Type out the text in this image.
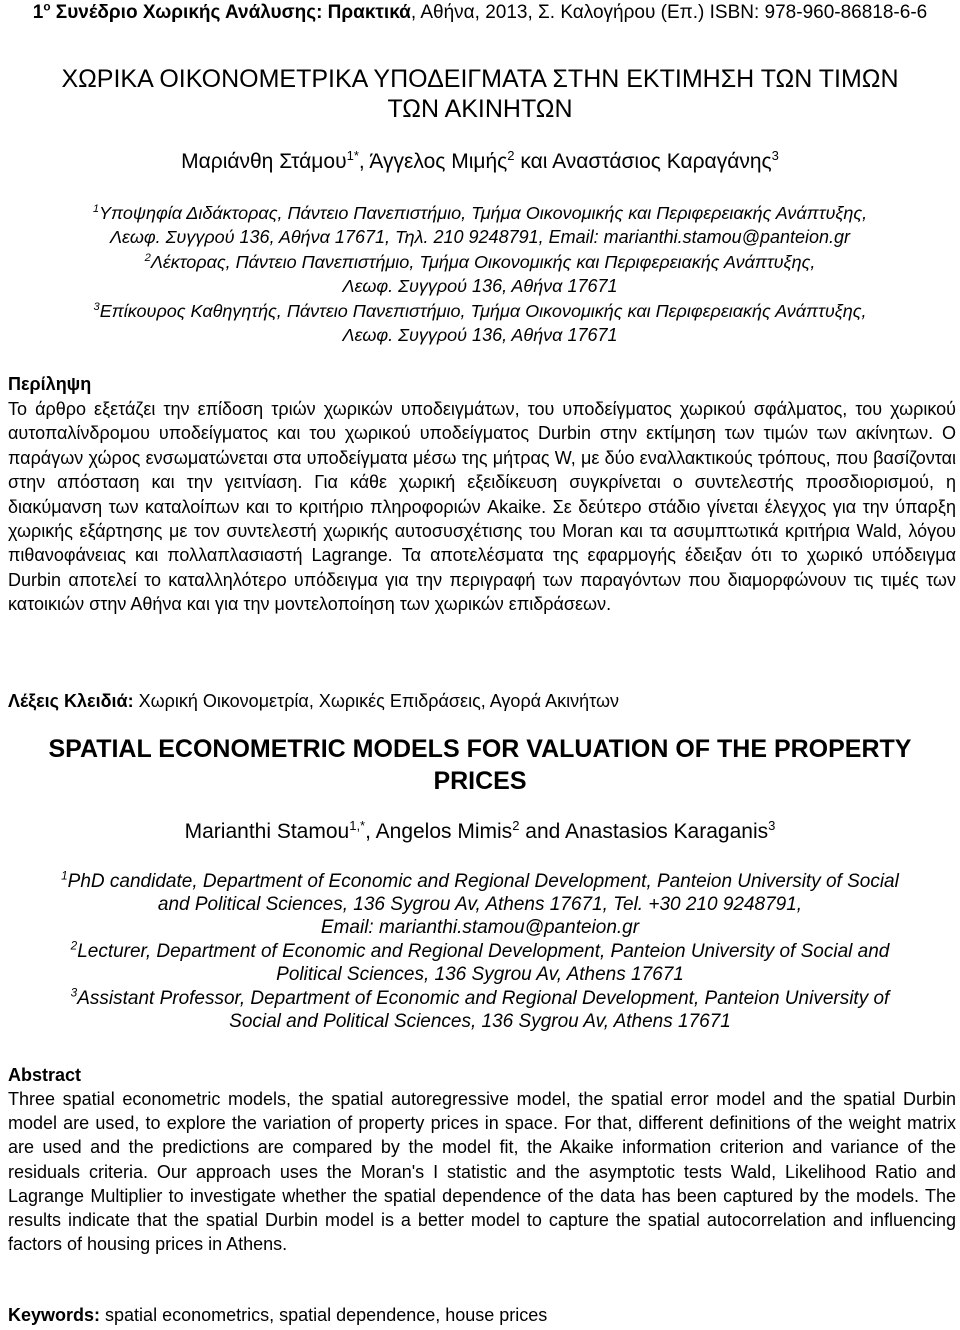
$1^o$ Συνέδριο Χωρικής Ανάλυσης: Πρακτικά, Αθήνα, 2013, Σ. Καλογήρου (Επ.) ISBN: 978-960-86818-6-6
ΧΩΡΙΚΑ ΟΙΚΟΝΟΜΕΤΡΙΚΑ ΥΠΟΔΕΙΓΜΑΤΑ ΣΤΗΝ ΕΚΤΙΜΗΣΗ ΤΩΝ ΤΙΜΩΝ
ΤΩΝ ΑΚΙΝΗΤΩΝ
Μαριάνθη Στάμου$^{1*}$, Άγγελος Μιμής$^2$ και Αναστάσιος Καραγάνης$^3$
$^1$Υποψηφία Διδάκτορας, Πάντειο Πανεπιστήμιο, Τμήμα Οικονομικής και Περιφερειακής Ανάπτυξης,
Λεωφ. Συγγρού 136, Αθήνα 17671, Τηλ. 210 9248791, Email: marianthi.stamou@panteion.gr
$^2$Λέκτορας, Πάντειο Πανεπιστήμιο, Τμήμα Οικονομικής και Περιφερειακής Ανάπτυξης,
Λεωφ. Συγγρού 136, Αθήνα 17671
$^3$Επίκουρος Καθηγητής, Πάντειο Πανεπιστήμιο, Τμήμα Οικονομικής και Περιφερειακής Ανάπτυξης,
Λεωφ. Συγγρού 136, Αθήνα 17671
Περίληψη
Το άρθρο εξετάζει την επίδοση τριών χωρικών υποδειγμάτων, του υποδείγματος χωρικού σφάλματος, του χωρικού αυτοπαλίνδρομου υποδείγματος και του χωρικού υποδείγματος Durbin στην εκτίμηση των τιμών των ακίνητων. Ο παράγων χώρος ενσωματώνεται στα υποδείγματα μέσω της μήτρας W, με δύο εναλλακτικούς τρόπους, που βασίζονται στην απόσταση και την γειτνίαση. Για κάθε χωρική εξειδίκευση συγκρίνεται ο συντελεστής προσδιορισμού, η διακύμανση των καταλοίπων και το κριτήριο πληροφοριών Akaike. Σε δεύτερο στάδιο γίνεται έλεγχος για την ύπαρξη χωρικής εξάρτησης με τον συντελεστή χωρικής αυτοσυσχέτισης του Moran και τα ασυμπτωτικά κριτήρια Wald, λόγου πιθανοφάνειας και πολλαπλασιαστή Lagrange. Τα αποτελέσματα της εφαρμογής έδειξαν ότι το χωρικό υπόδειγμα Durbin αποτελεί το καταλληλότερο υπόδειγμα για την περιγραφή των παραγόντων που διαμορφώνουν τις τιμές των κατοικιών στην Αθήνα και για την μοντελοποίηση των χωρικών επιδράσεων.
Λέξεις Κλειδιά: Χωρική Οικονομετρία, Χωρικές Επιδράσεις, Αγορά Ακινήτων
SPATIAL ECONOMETRIC MODELS FOR VALUATION OF THE PROPERTY
PRICES
Marianthi Stamou$^{1,*}$, Angelos Mimis$^2$ and Anastasios Karaganis$^3$
$^1$PhD candidate, Department of Economic and Regional Development, Panteion University of Social
and Political Sciences, 136 Sygrou Av, Athens 17671, Tel. +30 210 9248791,
Email: marianthi.stamou@panteion.gr
$^2$Lecturer, Department of Economic and Regional Development, Panteion University of Social and
Political Sciences, 136 Sygrou Av, Athens 17671
$^3$Assistant Professor, Department of Economic and Regional Development, Panteion University of
Social and Political Sciences, 136 Sygrou Av, Athens 17671
Abstract
Three spatial econometric models, the spatial autoregressive model, the spatial error model and the spatial Durbin model are used, to explore the variation of property prices in space. For that, different definitions of the weight matrix are used and the predictions are compared by the model fit, the Akaike information criterion and variance of the residuals criteria. Our approach uses the Moran's I statistic and the asymptotic tests Wald, Likelihood Ratio and Lagrange Multiplier to investigate whether the spatial dependence of the data has been captured by the models. The results indicate that the spatial Durbin model is a better model to capture the spatial autocorrelation and influencing factors of housing prices in Athens.
Keywords: spatial econometrics, spatial dependence, house prices
